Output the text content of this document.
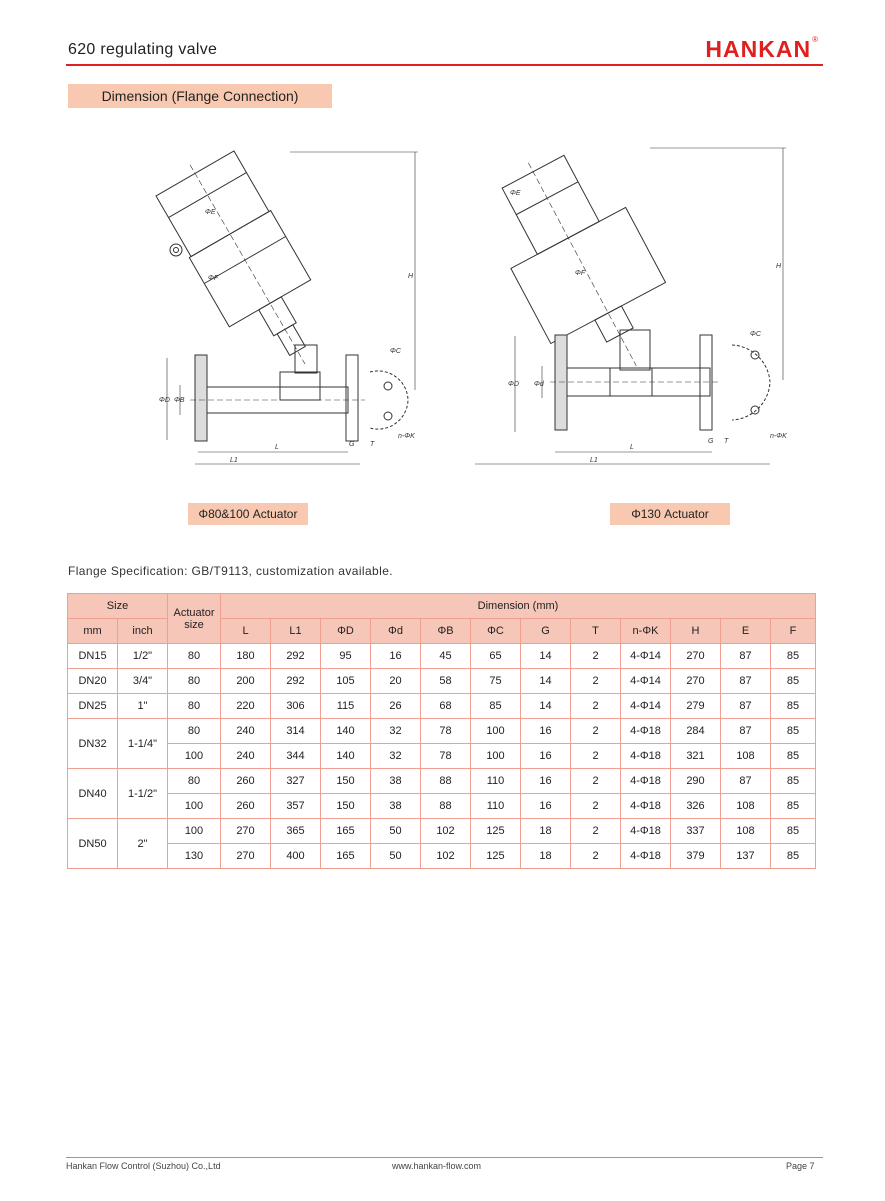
620 regulating valve	HANKAN®
Dimension (Flange Connection)
H
ΦC
ΦD ΦB
L
L1
G T
n-ΦK
ΦE
ΦF
H
ΦC
ΦD Φd
L
L1
G T
n-ΦK
ΦE
ΦF
Φ80&100 Actuator	Φ130 Actuator
Flange Specification: GB/T9113, customization available.
Size		Actuator size	Dimension (mm)											
mm	inch		L	L1	ΦD	Φd	ΦB	ΦC	G	T	n-ΦK	H	E	F
DN15	1/2"	80	180	292	95	16	45	65	14	2	4-Φ14	270	87	85
DN20	3/4"	80	200	292	105	20	58	75	14	2	4-Φ14	270	87	85
DN25	1"	80	220	306	115	26	68	85	14	2	4-Φ14	279	87	85
DN32	1-1/4"	80	240	314	140	32	78	100	16	2	4-Φ18	284	87	85
		100	240	344	140	32	78	100	16	2	4-Φ18	321	108	85
DN40	1-1/2"	80	260	327	150	38	88	110	16	2	4-Φ18	290	87	85
		100	260	357	150	38	88	110	16	2	4-Φ18	326	108	85
DN50	2"	100	270	365	165	50	102	125	18	2	4-Φ18	337	108	85
		130	270	400	165	50	102	125	18	2	4-Φ18	379	137	85
Hankan Flow Control (Suzhou) Co.,Ltd	www.hankan-flow.com	Page 7
